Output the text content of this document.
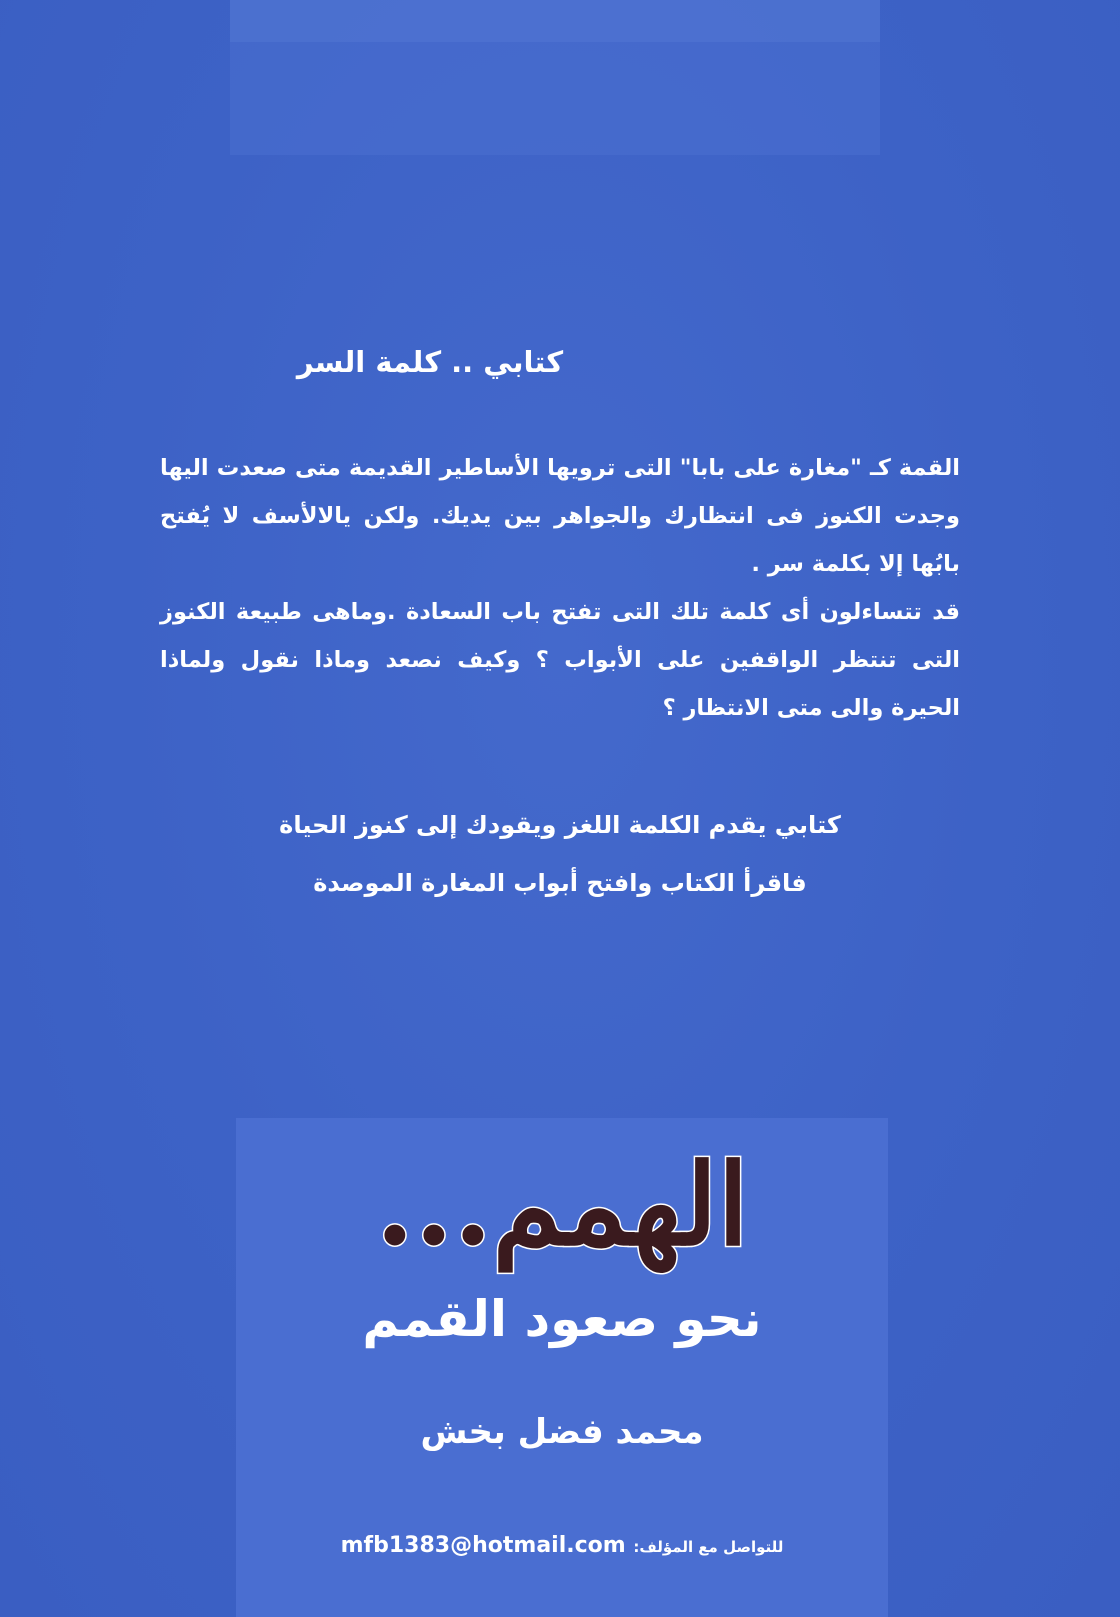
كتابي .. كلمة السر

القمة كـ "مغارة على بابا" التى ترويها الأساطير القديمة متى صعدت اليها وجدت الكنوز فى انتظارك والجواهر بين يديك. ولكن يالالأسف لا يُفتح بابُها إلا بكلمة سر .

قد تتساءلون أى كلمة تلك التى تفتح باب السعادة .وماهى طبيعة الكنوز التى تنتظر الواقفين على الأبواب ؟ وكيف نصعد وماذا نقول ولماذا الحيرة والى متى الانتظار ؟

كتابي يقدم الكلمة اللغز ويقودك إلى كنوز الحياة
فاقرأ الكتاب وافتح أبواب المغارة الموصدة
الهمم...
نحو صعود القمم
محمد فضل بخش
mfb1383@hotmail.com للتواصل مع المؤلف:
